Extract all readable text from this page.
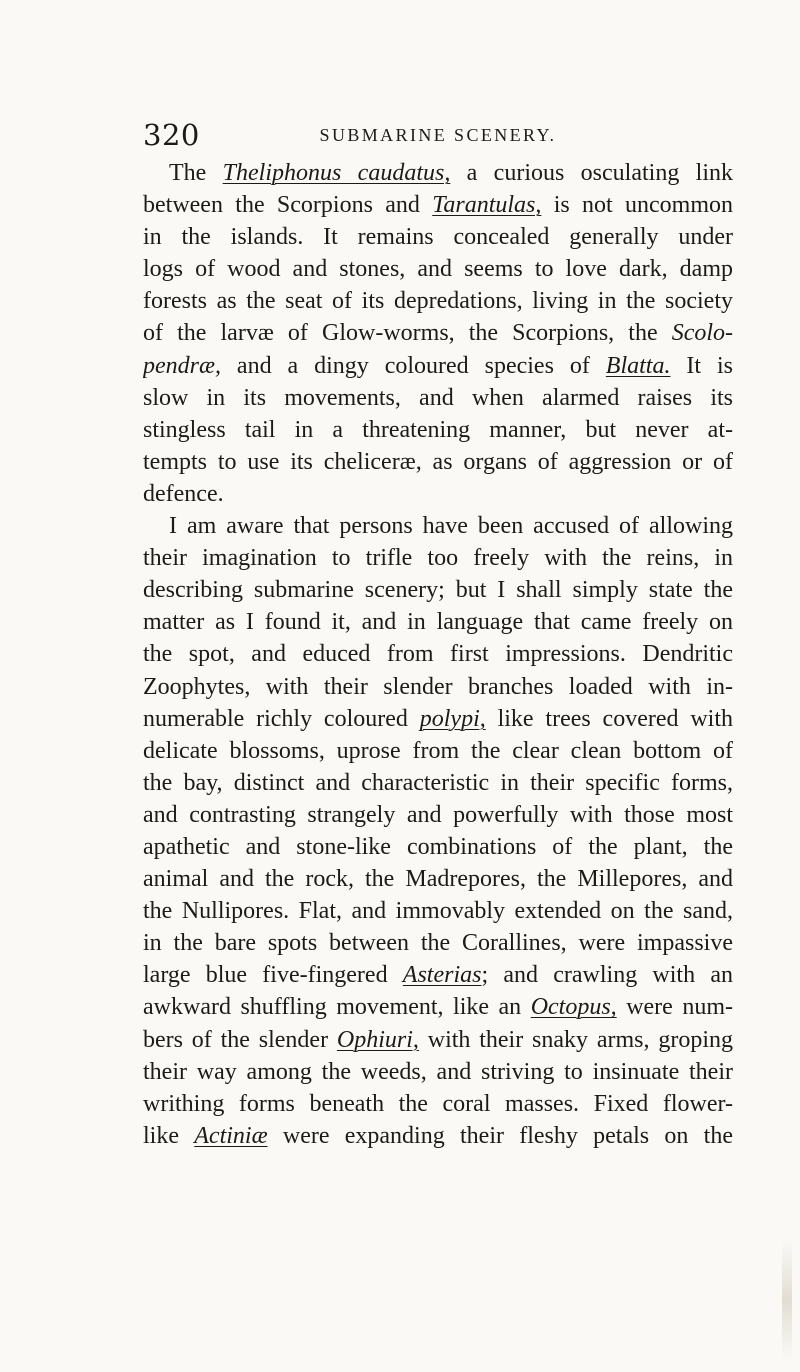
320	SUBMARINE SCENERY.
The Theliphonus caudatus, a curious osculating link
between the Scorpions and Tarantulas, is not uncommon
in the islands. It remains concealed generally under
logs of wood and stones, and seems to love dark, damp
forests as the seat of its depredations, living in the society
of the larvæ of Glow-worms, the Scorpions, the Scolo-
pendræ, and a dingy coloured species of Blatta. It is
slow in its movements, and when alarmed raises its
stingless tail in a threatening manner, but never at-
tempts to use its cheliceræ, as organs of aggression or of
defence.
I am aware that persons have been accused of allowing
their imagination to trifle too freely with the reins, in
describing submarine scenery; but I shall simply state the
matter as I found it, and in language that came freely on
the spot, and educed from first impressions. Dendritic
Zoophytes, with their slender branches loaded with in-
numerable richly coloured polypi, like trees covered with
delicate blossoms, uprose from the clear clean bottom of
the bay, distinct and characteristic in their specific forms,
and contrasting strangely and powerfully with those most
apathetic and stone-like combinations of the plant, the
animal and the rock, the Madrepores, the Millepores, and
the Nullipores. Flat, and immovably extended on the sand,
in the bare spots between the Corallines, were impassive
large blue five-fingered Asterias; and crawling with an
awkward shuffling movement, like an Octopus, were num-
bers of the slender Ophiuri, with their snaky arms, groping
their way among the weeds, and striving to insinuate their
writhing forms beneath the coral masses. Fixed flower-
like Actiniæ were expanding their fleshy petals on the
